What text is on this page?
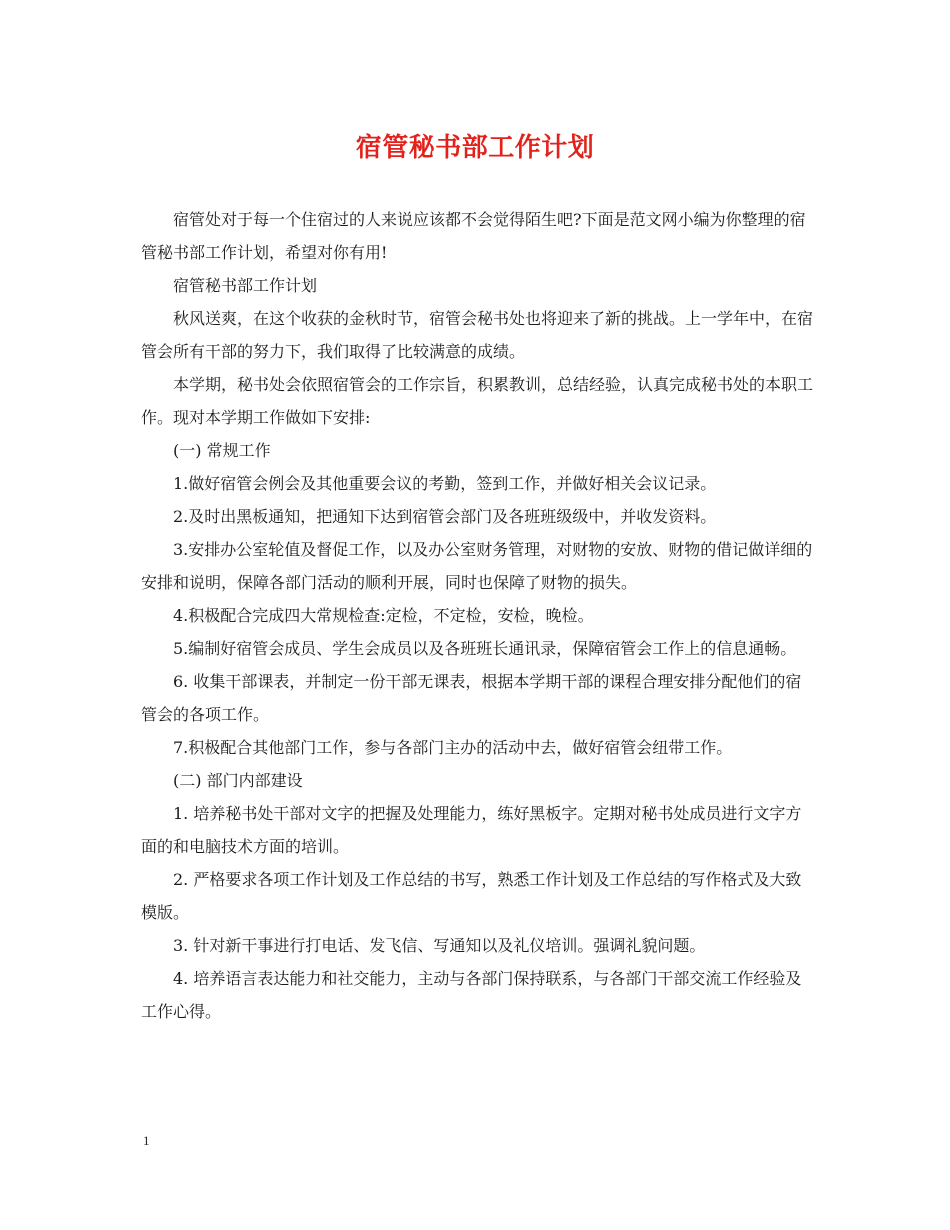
宿管秘书部工作计划

宿管处对于每一个住宿过的人来说应该都不会觉得陌生吧?下面是范文网小编为你整理的宿管秘书部工作计划，希望对你有用!

宿管秘书部工作计划

秋风送爽，在这个收获的金秋时节，宿管会秘书处也将迎来了新的挑战。上一学年中，在宿管会所有干部的努力下，我们取得了比较满意的成绩。

本学期，秘书处会依照宿管会的工作宗旨，积累教训，总结经验，认真完成秘书处的本职工作。现对本学期工作做如下安排:

(一) 常规工作

1.做好宿管会例会及其他重要会议的考勤，签到工作，并做好相关会议记录。

2.及时出黑板通知，把通知下达到宿管会部门及各班班级级中，并收发资料。

3.安排办公室轮值及督促工作，以及办公室财务管理，对财物的安放、财物的借记做详细的安排和说明，保障各部门活动的顺利开展，同时也保障了财物的损失。

4.积极配合完成四大常规检查:定检，不定检，安检，晚检。

5.编制好宿管会成员、学生会成员以及各班班长通讯录，保障宿管会工作上的信息通畅。

6. 收集干部课表，并制定一份干部无课表，根据本学期干部的课程合理安排分配他们的宿管会的各项工作。

7.积极配合其他部门工作，参与各部门主办的活动中去，做好宿管会纽带工作。

(二) 部门内部建设

1. 培养秘书处干部对文字的把握及处理能力，练好黑板字。定期对秘书处成员进行文字方面的和电脑技术方面的培训。

2. 严格要求各项工作计划及工作总结的书写，熟悉工作计划及工作总结的写作格式及大致模版。

3. 针对新干事进行打电话、发飞信、写通知以及礼仪培训。强调礼貌问题。

4. 培养语言表达能力和社交能力，主动与各部门保持联系，与各部门干部交流工作经验及工作心得。

1
